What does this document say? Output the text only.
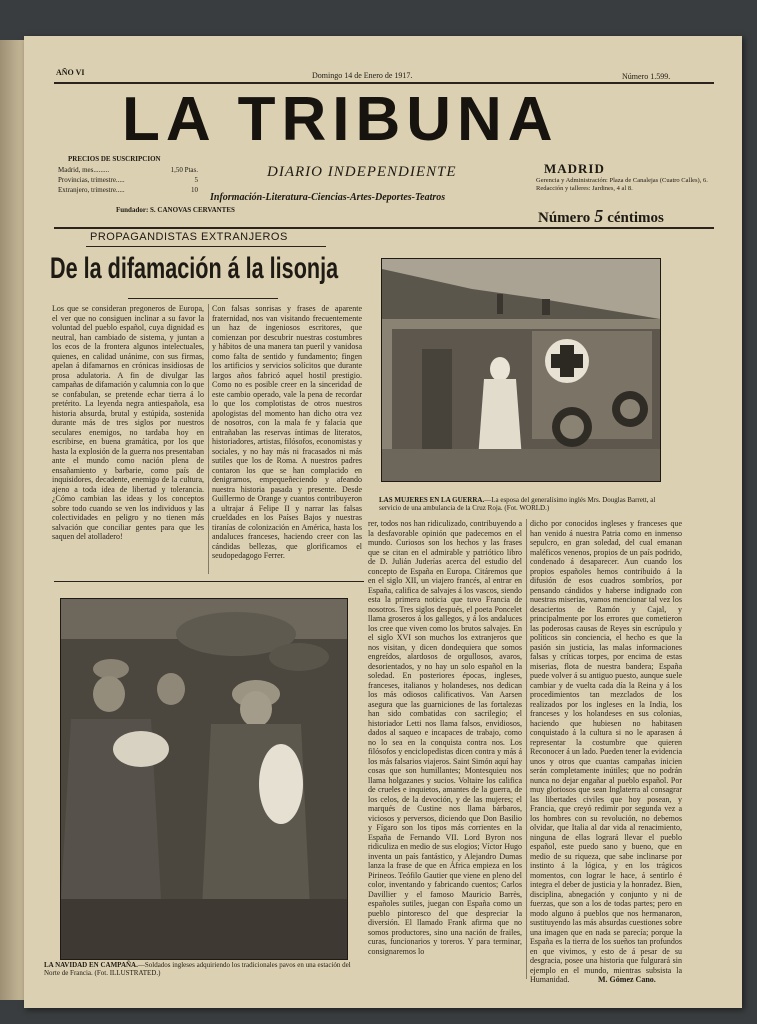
AÑO VI	Domingo 14 de Enero de 1917.	Número 1.599.
LA TRIBUNA
PRECIOS DE SUSCRIPCION
Madrid, mes.........	1,50 Ptas.
Provincias, trimestre.....	5
Extranjero, trimestre.....	10
Fundador: S. CANOVAS CERVANTES
DIARIO INDEPENDIENTE
Información-Literatura-Ciencias-Artes-Deportes-Teatros
MADRID
Gerencia y Administración: Plaza de Canalejas (Cuatro Calles), 6. Redacción y talleres: Jardines, 4 al 8.
Número 5 céntimos
PROPAGANDISTAS EXTRANJEROS
De la difamación á la lisonja
Los que se consideran pregoneros de Europa, el ver que no consiguen inclinar a su favor la voluntad del pueblo español, cuya dignidad es neutral, han cambiado de sistema, y juntan a los ecos de la frontera algunos intelectuales, quienes, en calidad unánime, con sus firmas, apelan á difamarnos en crónicas insidiosas de prosa adulatoria. A fin de divulgar las campañas de difamación y calumnia con lo que se confabulan, se pretende echar tierra á lo pretérito. La leyenda negra antiespañola, esa historia absurda, brutal y estúpida, sostenida durante más de tres siglos por nuestros seculares enemigos, no tardaba hoy en escribirse, en buena gramática, por los que hasta la explosión de la guerra nos presentaban ante el mundo como nación plena de ensañamiento y barbarie, como país de inquisidores, decadente, enemigo de la cultura, ajeno a toda idea de libertad y tolerancia. ¿Cómo cambian las ideas y los conceptos sobre todo cuando se ven los individuos y las colectividades en peligro y no tienen más salvación que conciliar gentes para que les saquen del atolladero!
Con falsas sonrisas y frases de aparente fraternidad, nos van visitando frecuentemente un haz de ingeniosos escritores, que comienzan por descubrir nuestras costumbres y hábitos de una manera tan pueril y vanidosa como falta de sentido y fundamento; fingen los artificios y servicios solícitos que durante largos años fabricó aquel hostil prestigio. Como no es posible creer en la sinceridad de este cambio operado, vale la pena de recordar lo que los complotistas de otros nuestros apologistas del momento han dicho otra vez de nosotros, con la mala fe y falacia que entrañaban las reservas íntimas de literatos, historiadores, artistas, filósofos, economistas y sociales, y no hay más ni fracasados ni más sutiles que los de Roma. A nuestros padres contaron los que se han complacido en denigrarnos, empequeñeciendo y afeando nuestra historia pasada y presente. Desde Guillermo de Orange y cuantos contribuyeron a ultrajar á Felipe II y narrar las falsas crueldades en los Países Bajos y nuestras tiranías de colonización en América, hasta los andaluces franceses, haciendo creer con las cándidas bellezas, que glorificamos el seudopedagogo Ferrer.
LAS MUJERES EN LA GUERRA.—La esposa del generalísimo inglés Mrs. Douglas Barrett, al servicio de una ambulancia de la Cruz Roja. (Fot. WORLD.)
rer, todos nos han ridiculizado, contribuyendo a la desfavorable opinión que padecemos en el mundo. Curiosos son los hechos y las frases que se citan en el admirable y patriótico libro de D. Julián Juderías acerca del estudio del concepto de España en Europa. Citáremos que en el siglo XII, un viajero francés, al entrar en España, califica de salvajes á los vascos, siendo esta la primera noticia que tuvo Francia de nosotros. Tres siglos después, el poeta Poncelet llama groseros á los gallegos, y á los andaluces los cree que viven como los brutos salvajes. En el siglo XVI son muchos los extranjeros que nos visitan, y dicen dondequiera que somos engreídos, alardosos de orgullosos, avaros, desorientados, y no hay un solo español en la soledad. En posteriores épocas, ingleses, franceses, italianos y holandeses, nos dedican los más odiosos calificativos. Van Aarsen asegura que las guarniciones de las fortalezas han sido combatidas con sacrilegio; el historiador Letti nos llama falsos, envidiosos, dados al saqueo e incapaces de trabajo, como no lo sea en la conquista contra nos. Los filósofos y enciclopedistas dicen contra y más á los más falsarios viajeros. Saint Simón aquí hay cosas que son humillantes; Montesquieu nos llama holgazanes y sucios. Voltaire los califica de crueles e inquietos, amantes de la guerra, de los celos, de la devoción, y de las mujeres; el marqués de Custine nos llama bárbaros, viciosos y perversos, diciendo que Don Basilio y Fígaro son los tipos más corrientes en la España de Fernando VII. Lord Byron nos ridiculiza en medio de sus elogios; Víctor Hugo inventa un país fantástico, y Alejandro Dumas lanza la frase de que en África empieza en los Pirineos. Teófilo Gautier que viene en pleno del color, inventando y fabricando cuentos; Carlos Davillier y el famoso Mauricio Barrès, españoles sutiles, juegan con España como un pueblo pintoresco del que despreciar la diversión. El llamado Frank afirma que no somos productores, sino una nación de frailes, curas, funcionarios y toreros. Y para terminar, consignaremos lo
dicho por conocidos ingleses y franceses que han venido á nuestra Patria como en inmenso sepulcro, en gran soledad, del cual emanan maléficos venenos, propios de un país podrido, condenado á desaparecer. Aun cuando los propios españoles hemos contribuido á la difusión de esos cuadros sombríos, por pensando cándidos y haberse indignado con nuestras miserias, vamos mencionar tal vez los desaciertos de Ramón y Cajal, y principalmente por los errores que cometieron las poderosas causas de Reyes sin escrúpulo y políticos sin conciencia, el hecho es que la pasión sin justicia, las malas informaciones falsas y críticas torpes, por encima de estas miserias, flota de nuestra bandera; España puede volver á su antiguo puesto, aunque suele cambiar y de vuelta cada día la Reina y á los procedimientos tan mezclados de los realizados por los ingleses en la India, los franceses y los holandeses en sus colonias, haciendo que hubiesen no habitasen conquistado á la cultura si no le aparasen á representar la costumbre que quieren Reconocer á un lado. Pueden tener la evidencia unos y otros que cuantas campañas inicien serán completamente inútiles; que no podrán nunca no dejar engañar al pueblo español. Por muy gloriosos que sean Inglaterra al consagrar las libertades civiles que hoy posean, y Francia, que creyó redimir por segunda vez a los hombres con su revolución, no debemos olvidar, que Italia al dar vida al renacimiento, ninguna de ellas logrará llevar el pueblo español, este puedo sano y bueno, que en medio de su riqueza, que sabe inclinarse por instinto á la lógica, y en los trágicos momentos, con lograr le hace, á sentirlo é integra el deber de justicia y la honradez. Bien, disciplina, abnegación y conjunto y ni de fuerzas, que son a los de todas partes; pero en modo alguno á pueblos que nos hermanaron, sustituyendo las más absurdas cuestiones sobre una imagen que en nada se parecía; porque la España es la tierra de los sueños tan profundos en que vivimos, y esto de á pesar de su desgracia, posee una historia que fulgurará sin ejemplo en el mundo, mientras subsista la Humanidad.	M. Gómez Cano.
LA NAVIDAD EN CAMPAÑA.—Soldados ingleses adquiriendo los tradicionales pavos en una estación del Norte de Francia. (Fot. ILLUSTRATED.)
